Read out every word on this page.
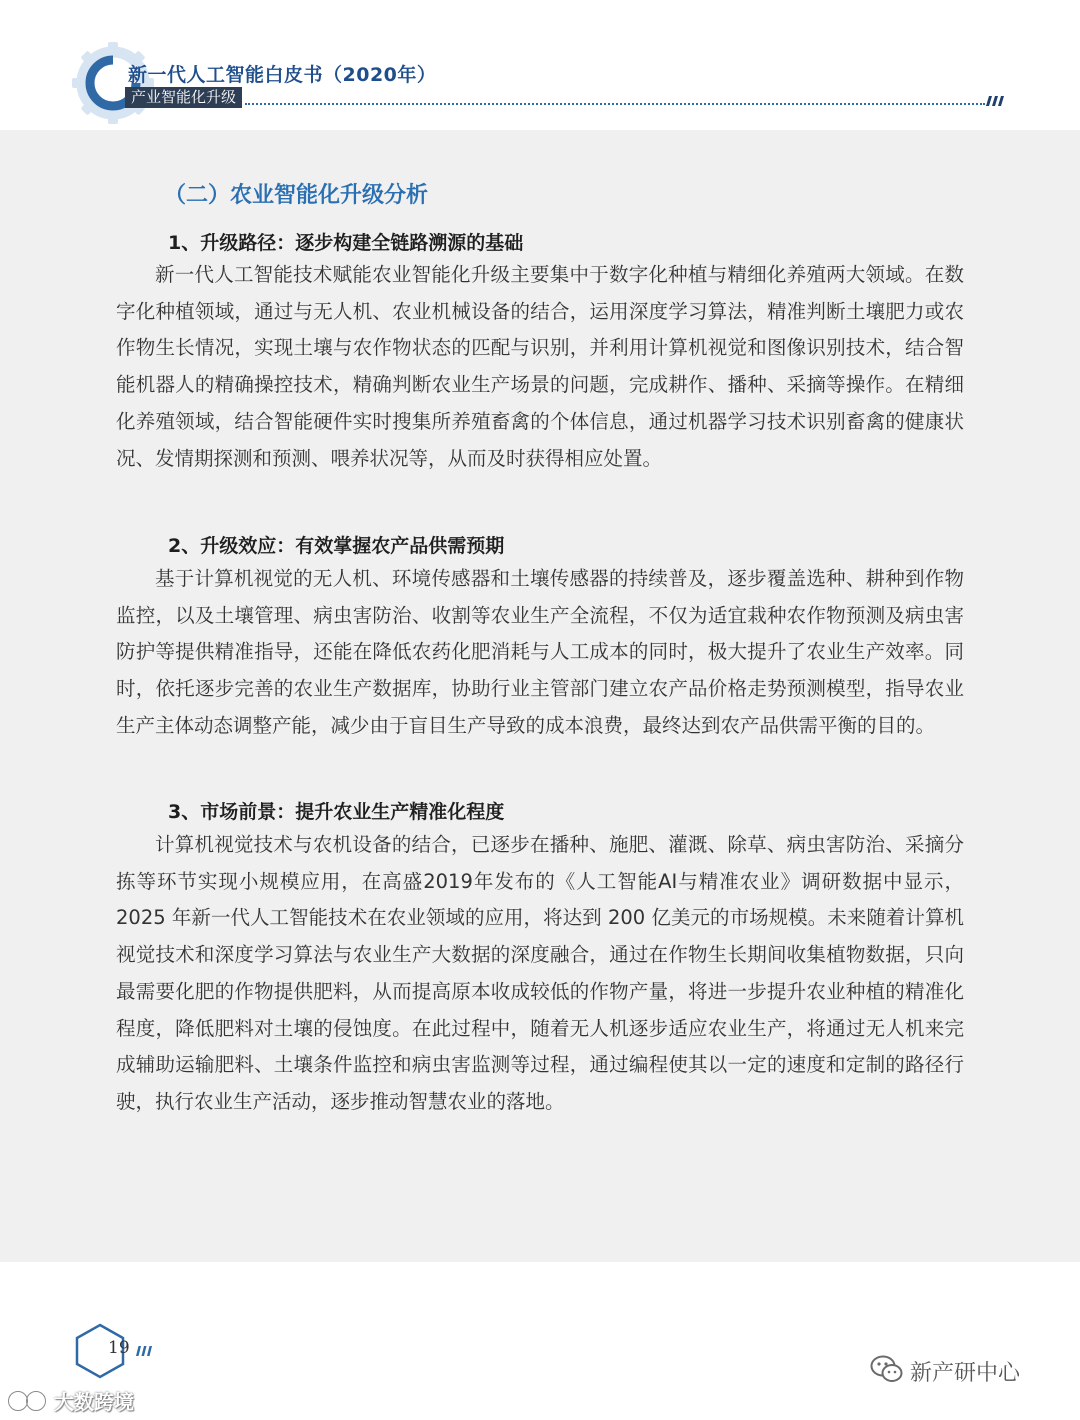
新一代人工智能白皮书（2020年）
产业智能化升级
（二）农业智能化升级分析
1、升级路径：逐步构建全链路溯源的基础

新一代人工智能技术赋能农业智能化升级主要集中于数字化种植与精细化养殖两大领域。在数字化种植领域，通过与无人机、农业机械设备的结合，运用深度学习算法，精准判断土壤肥力或农作物生长情况，实现土壤与农作物状态的匹配与识别，并利用计算机视觉和图像识别技术，结合智能机器人的精确操控技术，精确判断农业生产场景的问题，完成耕作、播种、采摘等操作。在精细化养殖领域，结合智能硬件实时搜集所养殖畜禽的个体信息，通过机器学习技术识别畜禽的健康状况、发情期探测和预测、喂养状况等，从而及时获得相应处置。

2、升级效应：有效掌握农产品供需预期

基于计算机视觉的无人机、环境传感器和土壤传感器的持续普及，逐步覆盖选种、耕种到作物监控，以及土壤管理、病虫害防治、收割等农业生产全流程，不仅为适宜栽种农作物预测及病虫害防护等提供精准指导，还能在降低农药化肥消耗与人工成本的同时，极大提升了农业生产效率。同时，依托逐步完善的农业生产数据库，协助行业主管部门建立农产品价格走势预测模型，指导农业生产主体动态调整产能，减少由于盲目生产导致的成本浪费，最终达到农产品供需平衡的目的。

3、市场前景：提升农业生产精准化程度

计算机视觉技术与农机设备的结合，已逐步在播种、施肥、灌溉、除草、病虫害防治、采摘分拣等环节实现小规模应用，在高盛2019年发布的《人工智能AI与精准农业》调研数据中显示，2025 年新一代人工智能技术在农业领域的应用，将达到 200 亿美元的市场规模。未来随着计算机视觉技术和深度学习算法与农业生产大数据的深度融合，通过在作物生长期间收集植物数据，只向最需要化肥的作物提供肥料，从而提高原本收成较低的作物产量，将进一步提升农业种植的精准化程度，降低肥料对土壤的侵蚀度。在此过程中，随着无人机逐步适应农业生产，将通过无人机来完成辅助运输肥料、土壤条件监控和病虫害监测等过程，通过编程使其以一定的速度和定制的路径行驶，执行农业生产活动，逐步推动智慧农业的落地。

19
新产研中心
大数跨境
